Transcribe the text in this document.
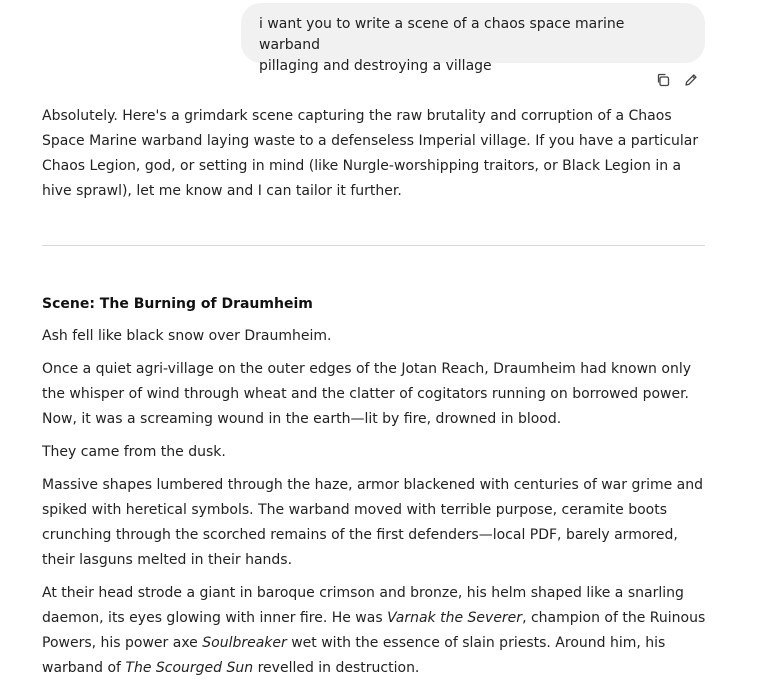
i want you to write a scene of a chaos space marine warband
pillaging and destroying a village

Absolutely. Here's a grimdark scene capturing the raw brutality and corruption of a Chaos Space Marine warband laying waste to a defenseless Imperial village. If you have a particular Chaos Legion, god, or setting in mind (like Nurgle-worshipping traitors, or Black Legion in a hive sprawl), let me know and I can tailor it further.

Scene: The Burning of Draumheim

Ash fell like black snow over Draumheim.

Once a quiet agri-village on the outer edges of the Jotan Reach, Draumheim had known only the whisper of wind through wheat and the clatter of cogitators running on borrowed power. Now, it was a screaming wound in the earth—lit by fire, drowned in blood.

They came from the dusk.

Massive shapes lumbered through the haze, armor blackened with centuries of war grime and spiked with heretical symbols. The warband moved with terrible purpose, ceramite boots crunching through the scorched remains of the first defenders—local PDF, barely armored, their lasguns melted in their hands.

At their head strode a giant in baroque crimson and bronze, his helm shaped like a snarling daemon, its eyes glowing with inner fire. He was Varnak the Severer, champion of the Ruinous Powers, his power axe Soulbreaker wet with the essence of slain priests. Around him, his warband of The Scourged Sun revelled in destruction.
